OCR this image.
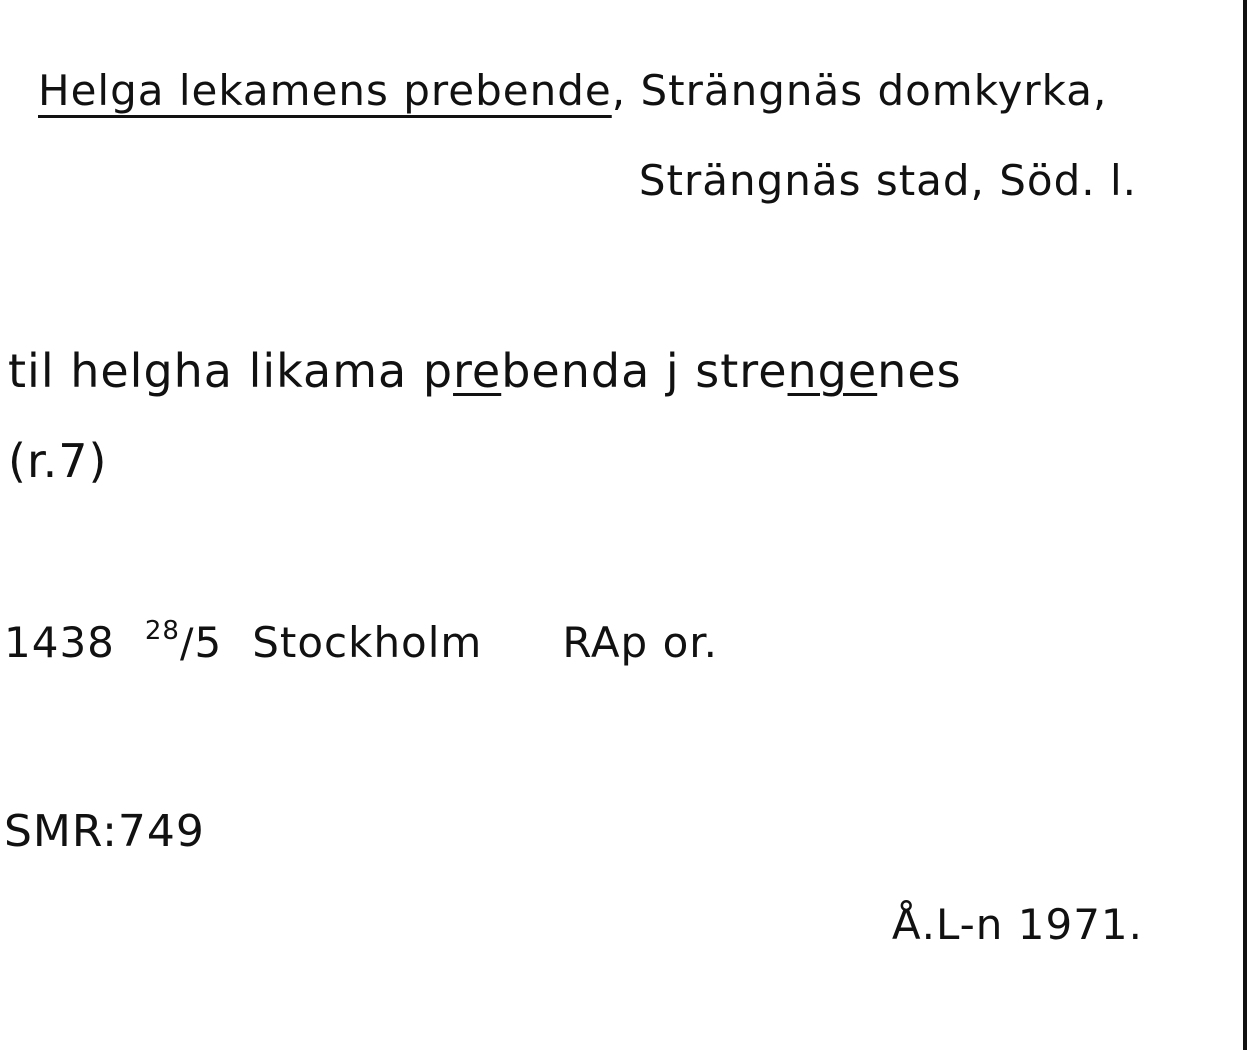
Helga lekamens prebende, Strängnäs domkyrka,
Strängnäs stad, Söd. l.
til helgha likama prebenda j strengenes
(r.7)
1438 $^{28}$/5 Stockholm RAp or.
SMR:749
Å.L-n 1971.
